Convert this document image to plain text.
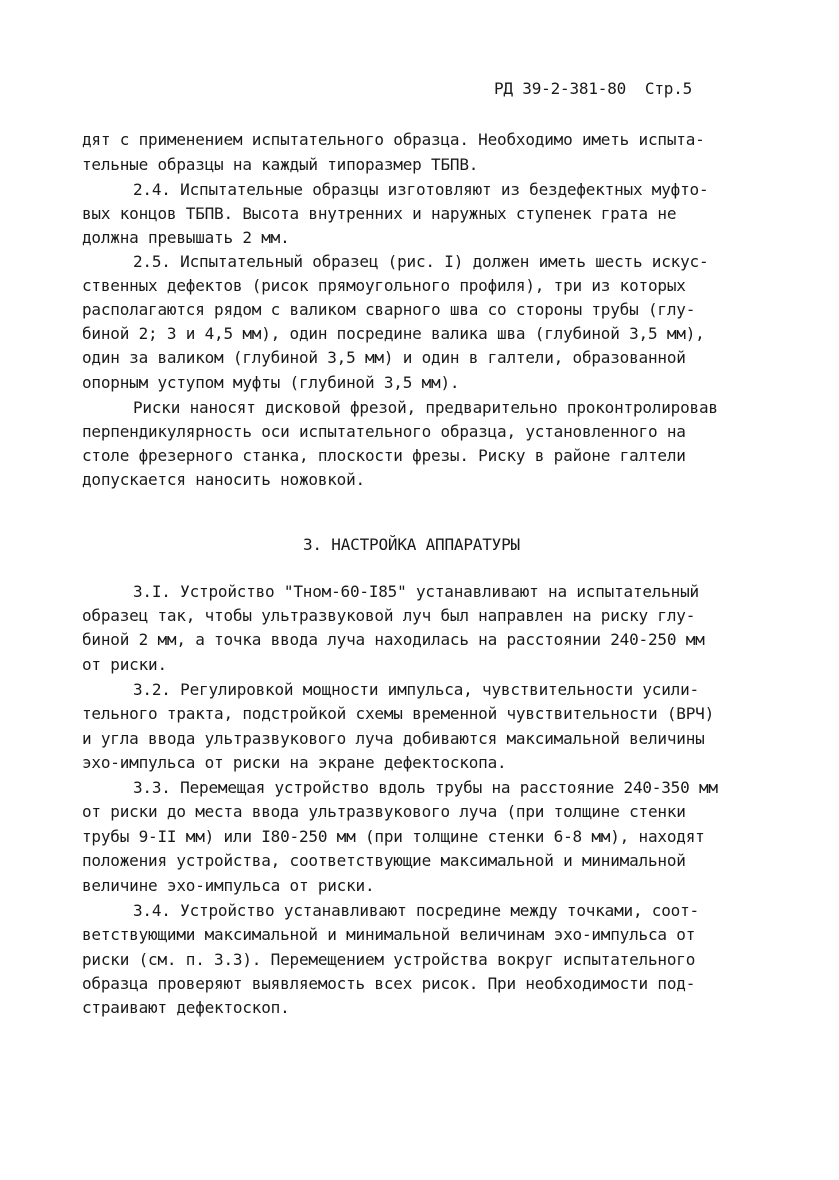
РД 39-2-381-80  Стр.5
дят с применением испытательного образца. Необходимо иметь испыта-
тельные образцы на каждый типоразмер ТБПВ.
2.4. Испытательные образцы изготовляют из бездефектных муфто-
вых концов ТБПВ. Высота внутренних и наружных ступенек грата не
должна превышать 2 мм.
2.5. Испытательный образец (рис. I) должен иметь шесть искус-
ственных дефектов (рисок прямоугольного профиля), три из которых
располагаются рядом с валиком сварного шва со стороны трубы (глу-
биной 2; 3 и 4,5 мм), один посредине валика шва (глубиной 3,5 мм),
один за валиком (глубиной 3,5 мм) и один в галтели, образованной
опорным уступом муфты (глубиной 3,5 мм).
Риски наносят дисковой фрезой, предварительно проконтролировав
перпендикулярность оси испытательного образца, установленного на
столе фрезерного станка, плоскости фрезы. Риску в районе галтели
допускается наносить ножовкой.
3. НАСТРОЙКА АППАРАТУРЫ
3.I. Устройство "Тном-60-I85" устанавливают на испытательный
образец так, чтобы ультразвуковой луч был направлен на риску глу-
биной 2 мм, а точка ввода луча находилась на расстоянии 240-250 мм
от риски.
3.2. Регулировкой мощности импульса, чувствительности усили-
тельного тракта, подстройкой схемы временной чувствительности (ВРЧ)
и угла ввода ультразвукового луча добиваются максимальной величины
эхо-импульса от риски на экране дефектоскопа.
3.3. Перемещая устройство вдоль трубы на расстояние 240-350 мм
от риски до места ввода ультразвукового луча (при толщине стенки
трубы 9-II мм) или I80-250 мм (при толщине стенки 6-8 мм), находят
положения устройства, соответствующие максимальной и минимальной
величине эхо-импульса от риски.
3.4. Устройство устанавливают посредине между точками, соот-
ветствующими максимальной и минимальной величинам эхо-импульса от
риски (см. п. 3.3). Перемещением устройства вокруг испытательного
образца проверяют выявляемость всех рисок. При необходимости под-
страивают дефектоскоп.
